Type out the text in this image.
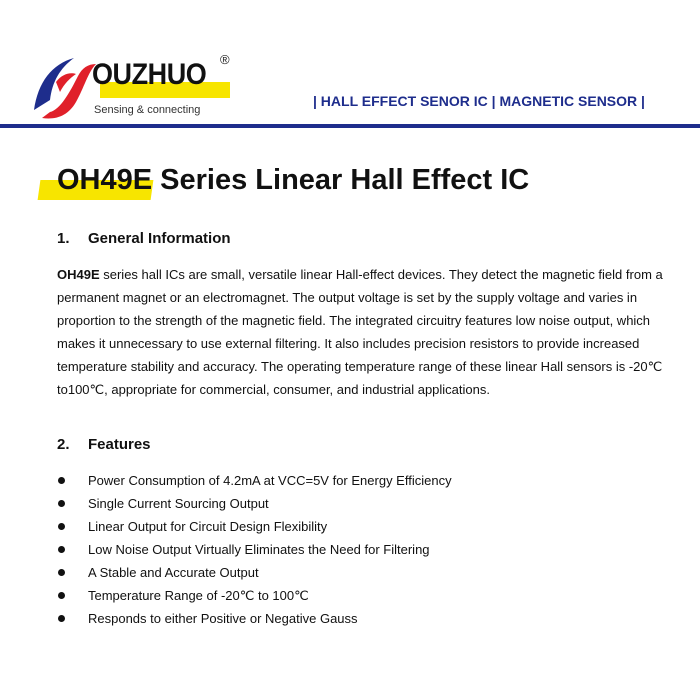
OUZHUO ®
Sensing & connecting
| HALL EFFECT SENOR IC | MAGNETIC SENSOR |
OH49E Series Linear Hall Effect IC
1. General Information
OH49E series hall ICs are small, versatile linear Hall-effect devices. They detect the magnetic field from a permanent magnet or an electromagnet. The output voltage is set by the supply voltage and varies in proportion to the strength of the magnetic field. The integrated circuitry features low noise output, which makes it unnecessary to use external filtering. It also includes precision resistors to provide increased temperature stability and accuracy. The operating temperature range of these linear Hall sensors is -20℃ to100℃, appropriate for commercial, consumer, and industrial applications.
2. Features
Power Consumption of 4.2mA at VCC=5V for Energy Efficiency
Single Current Sourcing Output
Linear Output for Circuit Design Flexibility
Low Noise Output Virtually Eliminates the Need for Filtering
A Stable and Accurate Output
Temperature Range of -20℃ to 100℃
Responds to either Positive or Negative Gauss
